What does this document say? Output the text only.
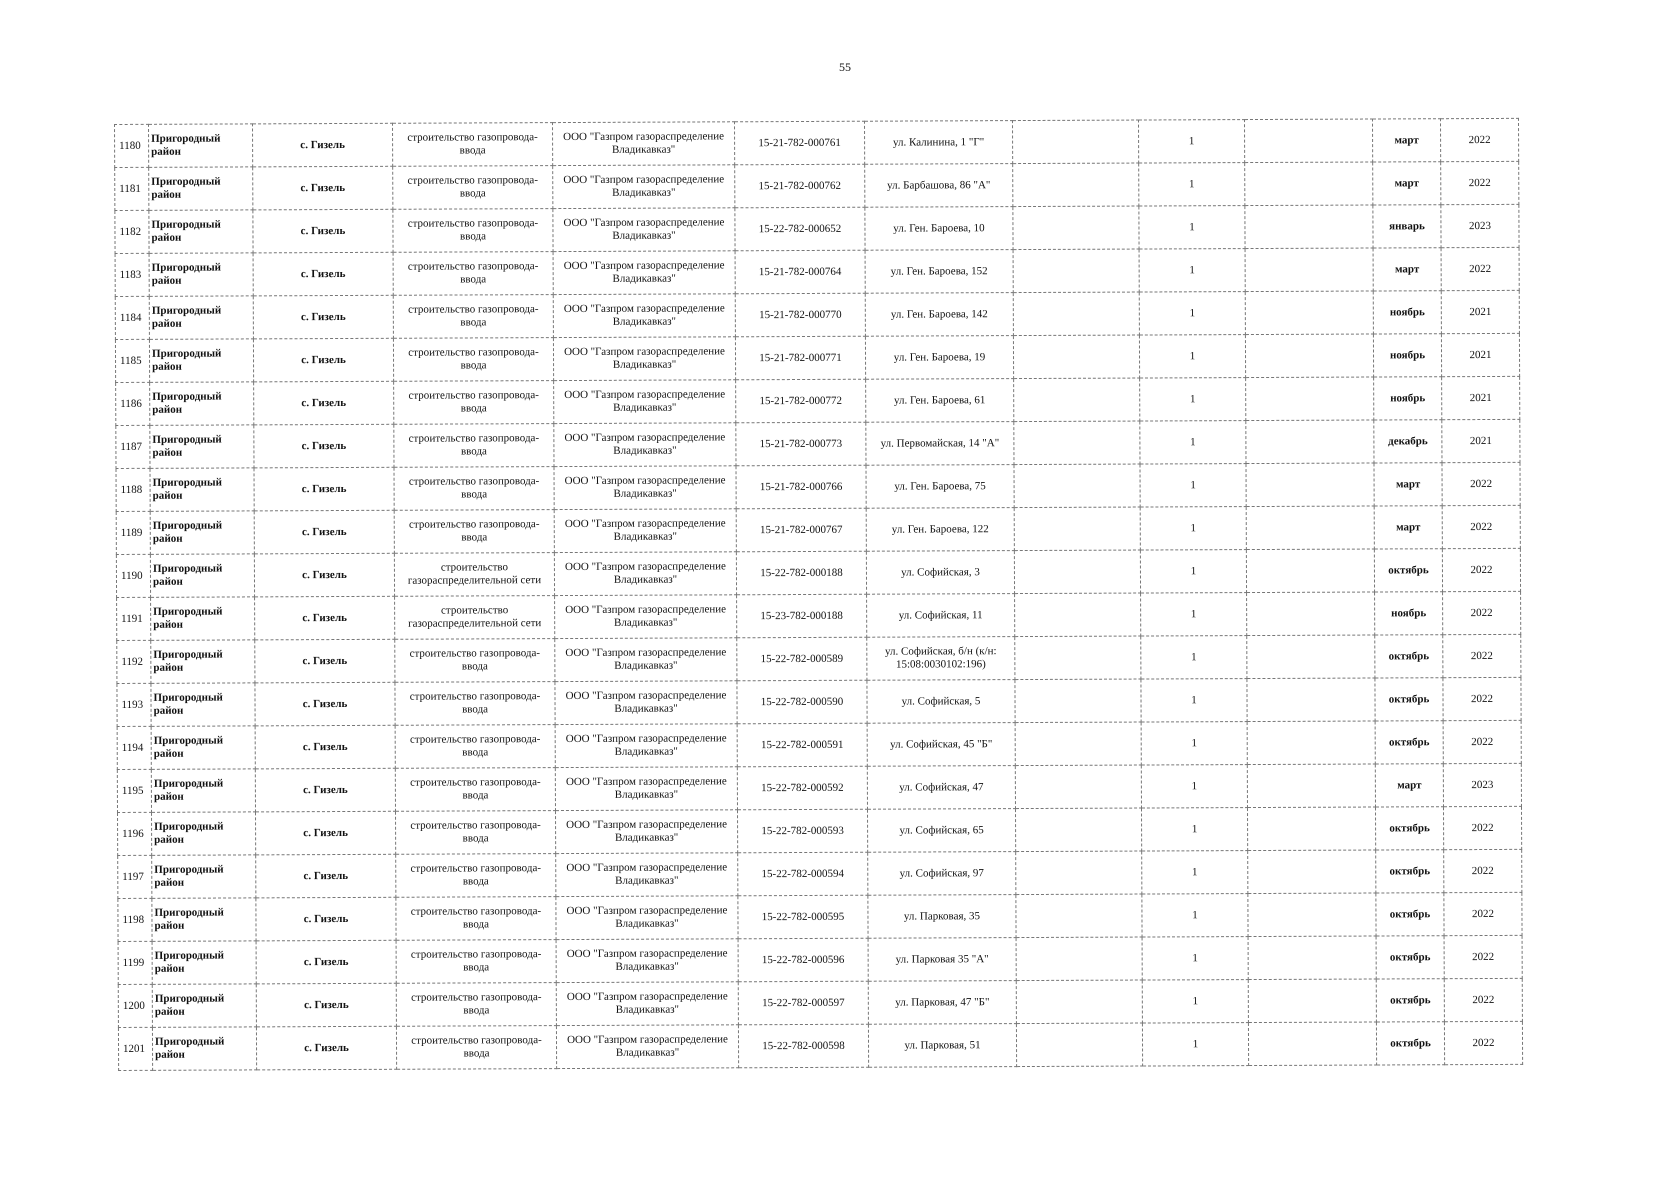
55
1180	Пригородный район	с. Гизель	строительство газопровода-ввода	ООО "Газпром газораспределение Владикавказ"	15-21-782-000761	ул. Калинина, 1 "Г"		1		март	2022
1181	Пригородный район	с. Гизель	строительство газопровода-ввода	ООО "Газпром газораспределение Владикавказ"	15-21-782-000762	ул. Барбашова, 86 "А"		1		март	2022
1182	Пригородный район	с. Гизель	строительство газопровода-ввода	ООО "Газпром газораспределение Владикавказ"	15-22-782-000652	ул. Ген. Бароева, 10		1		январь	2023
1183	Пригородный район	с. Гизель	строительство газопровода-ввода	ООО "Газпром газораспределение Владикавказ"	15-21-782-000764	ул. Ген. Бароева, 152		1		март	2022
1184	Пригородный район	с. Гизель	строительство газопровода-ввода	ООО "Газпром газораспределение Владикавказ"	15-21-782-000770	ул. Ген. Бароева, 142		1		ноябрь	2021
1185	Пригородный район	с. Гизель	строительство газопровода-ввода	ООО "Газпром газораспределение Владикавказ"	15-21-782-000771	ул. Ген. Бароева, 19		1		ноябрь	2021
1186	Пригородный район	с. Гизель	строительство газопровода-ввода	ООО "Газпром газораспределение Владикавказ"	15-21-782-000772	ул. Ген. Бароева, 61		1		ноябрь	2021
1187	Пригородный район	с. Гизель	строительство газопровода-ввода	ООО "Газпром газораспределение Владикавказ"	15-21-782-000773	ул. Первомайская, 14 "А"		1		декабрь	2021
1188	Пригородный район	с. Гизель	строительство газопровода-ввода	ООО "Газпром газораспределение Владикавказ"	15-21-782-000766	ул. Ген. Бароева, 75		1		март	2022
1189	Пригородный район	с. Гизель	строительство газопровода-ввода	ООО "Газпром газораспределение Владикавказ"	15-21-782-000767	ул. Ген. Бароева, 122		1		март	2022
1190	Пригородный район	с. Гизель	строительство газораспределительной сети	ООО "Газпром газораспределение Владикавказ"	15-22-782-000188	ул. Софийская, 3		1		октябрь	2022
1191	Пригородный район	с. Гизель	строительство газораспределительной сети	ООО "Газпром газораспределение Владикавказ"	15-23-782-000188	ул. Софийская, 11		1		ноябрь	2022
1192	Пригородный район	с. Гизель	строительство газопровода-ввода	ООО "Газпром газораспределение Владикавказ"	15-22-782-000589	ул. Софийская, б/н (к/н: 15:08:0030102:196)		1		октябрь	2022
1193	Пригородный район	с. Гизель	строительство газопровода-ввода	ООО "Газпром газораспределение Владикавказ"	15-22-782-000590	ул. Софийская, 5		1		октябрь	2022
1194	Пригородный район	с. Гизель	строительство газопровода-ввода	ООО "Газпром газораспределение Владикавказ"	15-22-782-000591	ул. Софийская, 45 "Б"		1		октябрь	2022
1195	Пригородный район	с. Гизель	строительство газопровода-ввода	ООО "Газпром газораспределение Владикавказ"	15-22-782-000592	ул. Софийская, 47		1		март	2023
1196	Пригородный район	с. Гизель	строительство газопровода-ввода	ООО "Газпром газораспределение Владикавказ"	15-22-782-000593	ул. Софийская, 65		1		октябрь	2022
1197	Пригородный район	с. Гизель	строительство газопровода-ввода	ООО "Газпром газораспределение Владикавказ"	15-22-782-000594	ул. Софийская, 97		1		октябрь	2022
1198	Пригородный район	с. Гизель	строительство газопровода-ввода	ООО "Газпром газораспределение Владикавказ"	15-22-782-000595	ул. Парковая, 35		1		октябрь	2022
1199	Пригородный район	с. Гизель	строительство газопровода-ввода	ООО "Газпром газораспределение Владикавказ"	15-22-782-000596	ул. Парковая 35 "А"		1		октябрь	2022
1200	Пригородный район	с. Гизель	строительство газопровода-ввода	ООО "Газпром газораспределение Владикавказ"	15-22-782-000597	ул. Парковая, 47 "Б"		1		октябрь	2022
1201	Пригородный район	с. Гизель	строительство газопровода-ввода	ООО "Газпром газораспределение Владикавказ"	15-22-782-000598	ул. Парковая, 51		1		октябрь	2022
